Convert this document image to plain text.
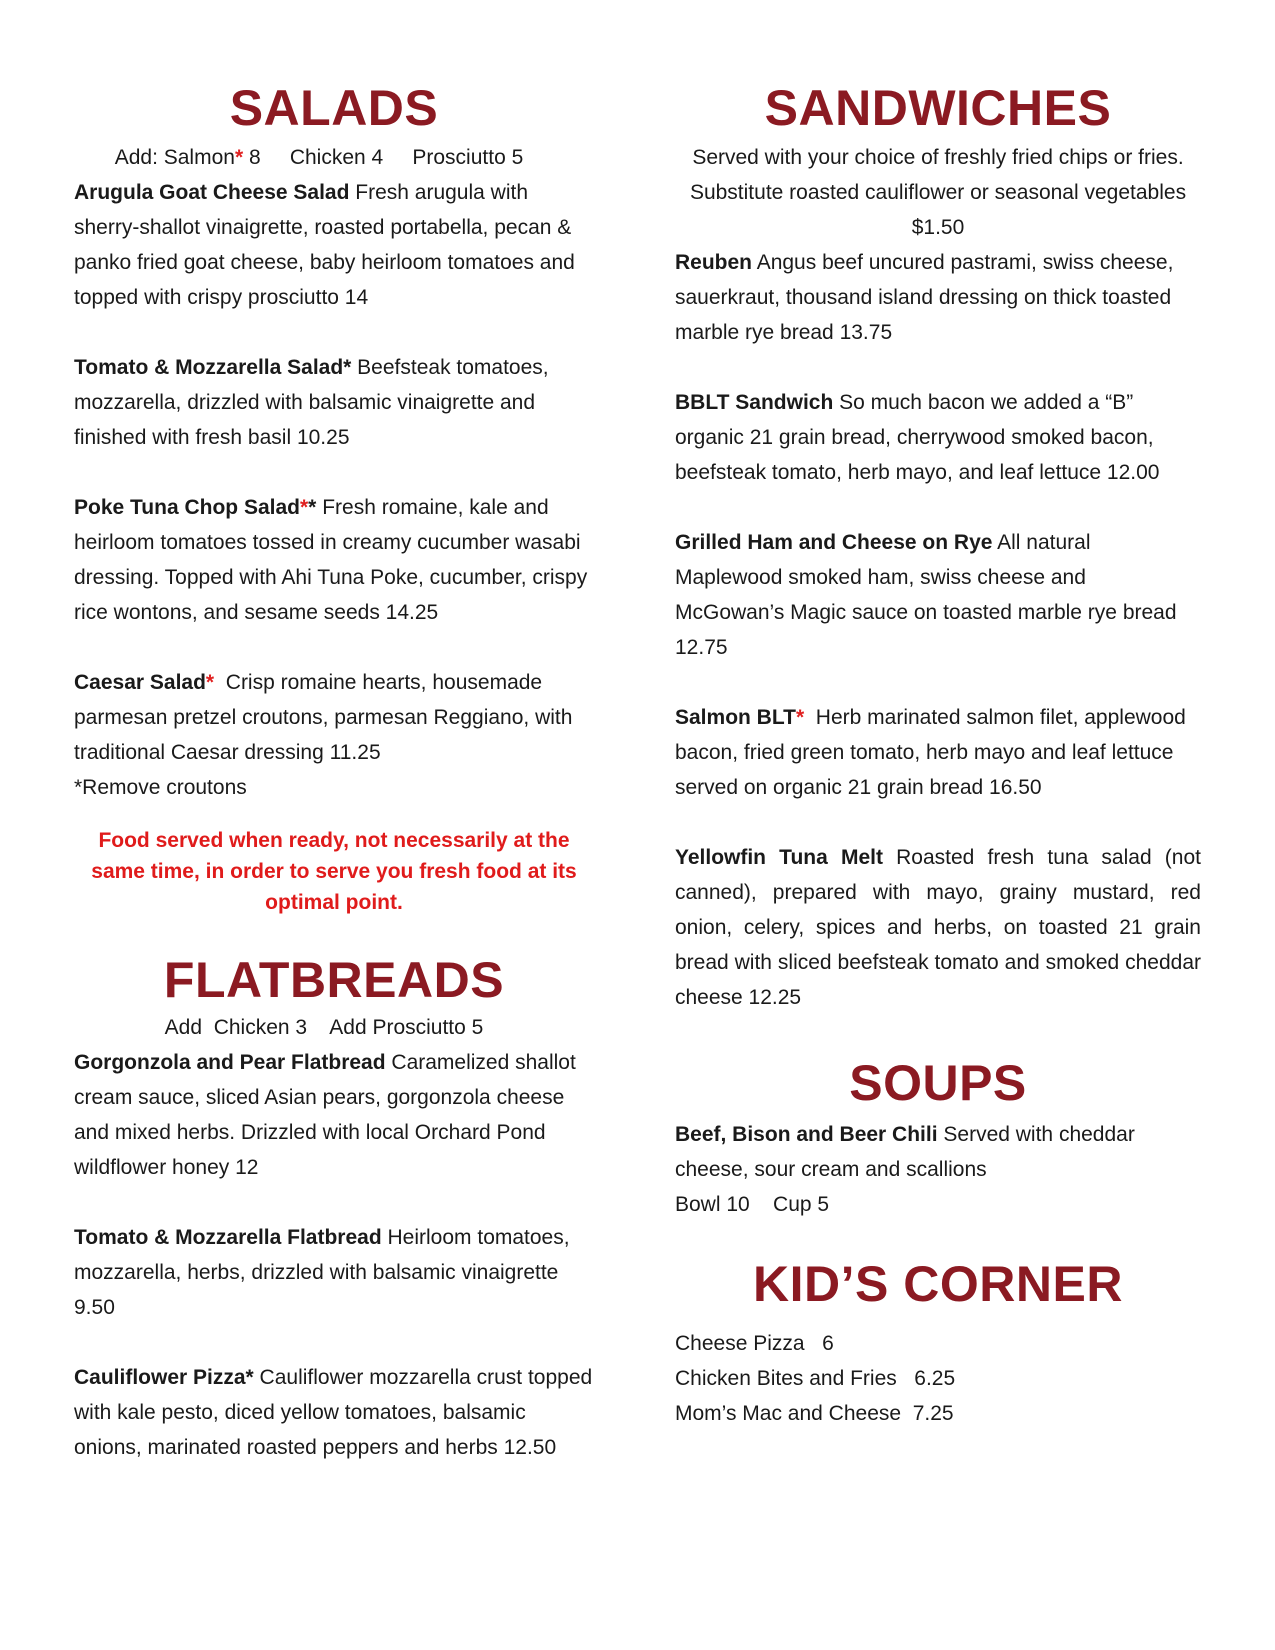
SALADS
Add: Salmon* 8     Chicken 4     Prosciutto 5
Arugula Goat Cheese Salad Fresh arugula with sherry-shallot vinaigrette, roasted portabella, pecan & panko fried goat cheese, baby heirloom tomatoes and topped with crispy prosciutto 14
Tomato & Mozzarella Salad* Beefsteak tomatoes, mozzarella, drizzled with balsamic vinaigrette and finished with fresh basil 10.25
Poke Tuna Chop Salad** Fresh romaine, kale and heirloom tomatoes tossed in creamy cucumber wasabi dressing. Topped with Ahi Tuna Poke, cucumber, crispy rice wontons, and sesame seeds 14.25
Caesar Salad*  Crisp romaine hearts, housemade parmesan pretzel croutons, parmesan Reggiano, with traditional Caesar dressing 11.25
*Remove croutons
Food served when ready, not necessarily at the same time, in order to serve you fresh food at its optimal point.
FLATBREADS
Add  Chicken 3    Add Prosciutto 5
Gorgonzola and Pear Flatbread Caramelized shallot cream sauce, sliced Asian pears, gorgonzola cheese and mixed herbs. Drizzled with local Orchard Pond wildflower honey 12
Tomato & Mozzarella Flatbread Heirloom tomatoes, mozzarella, herbs, drizzled with balsamic vinaigrette 9.50
Cauliflower Pizza* Cauliflower mozzarella crust topped with kale pesto, diced yellow tomatoes, balsamic onions, marinated roasted peppers and herbs 12.50
SANDWICHES
Served with your choice of freshly fried chips or fries. Substitute roasted cauliflower or seasonal vegetables $1.50
Reuben Angus beef uncured pastrami, swiss cheese, sauerkraut, thousand island dressing on thick toasted marble rye bread 13.75
BBLT Sandwich So much bacon we added a “B” organic 21 grain bread, cherrywood smoked bacon, beefsteak tomato, herb mayo, and leaf lettuce 12.00
Grilled Ham and Cheese on Rye All natural Maplewood smoked ham, swiss cheese and McGowan’s Magic sauce on toasted marble rye bread 12.75
Salmon BLT*  Herb marinated salmon filet, applewood bacon, fried green tomato, herb mayo and leaf lettuce served on organic 21 grain bread 16.50
Yellowfin Tuna Melt Roasted fresh tuna salad (not canned), prepared with mayo, grainy mustard, red onion, celery, spices and herbs, on toasted 21 grain bread with sliced beefsteak tomato and smoked cheddar cheese 12.25
SOUPS
Beef, Bison and Beer Chili Served with cheddar cheese, sour cream and scallions
Bowl 10    Cup 5
KID’S CORNER
Cheese Pizza   6
Chicken Bites and Fries   6.25
Mom’s Mac and Cheese  7.25
